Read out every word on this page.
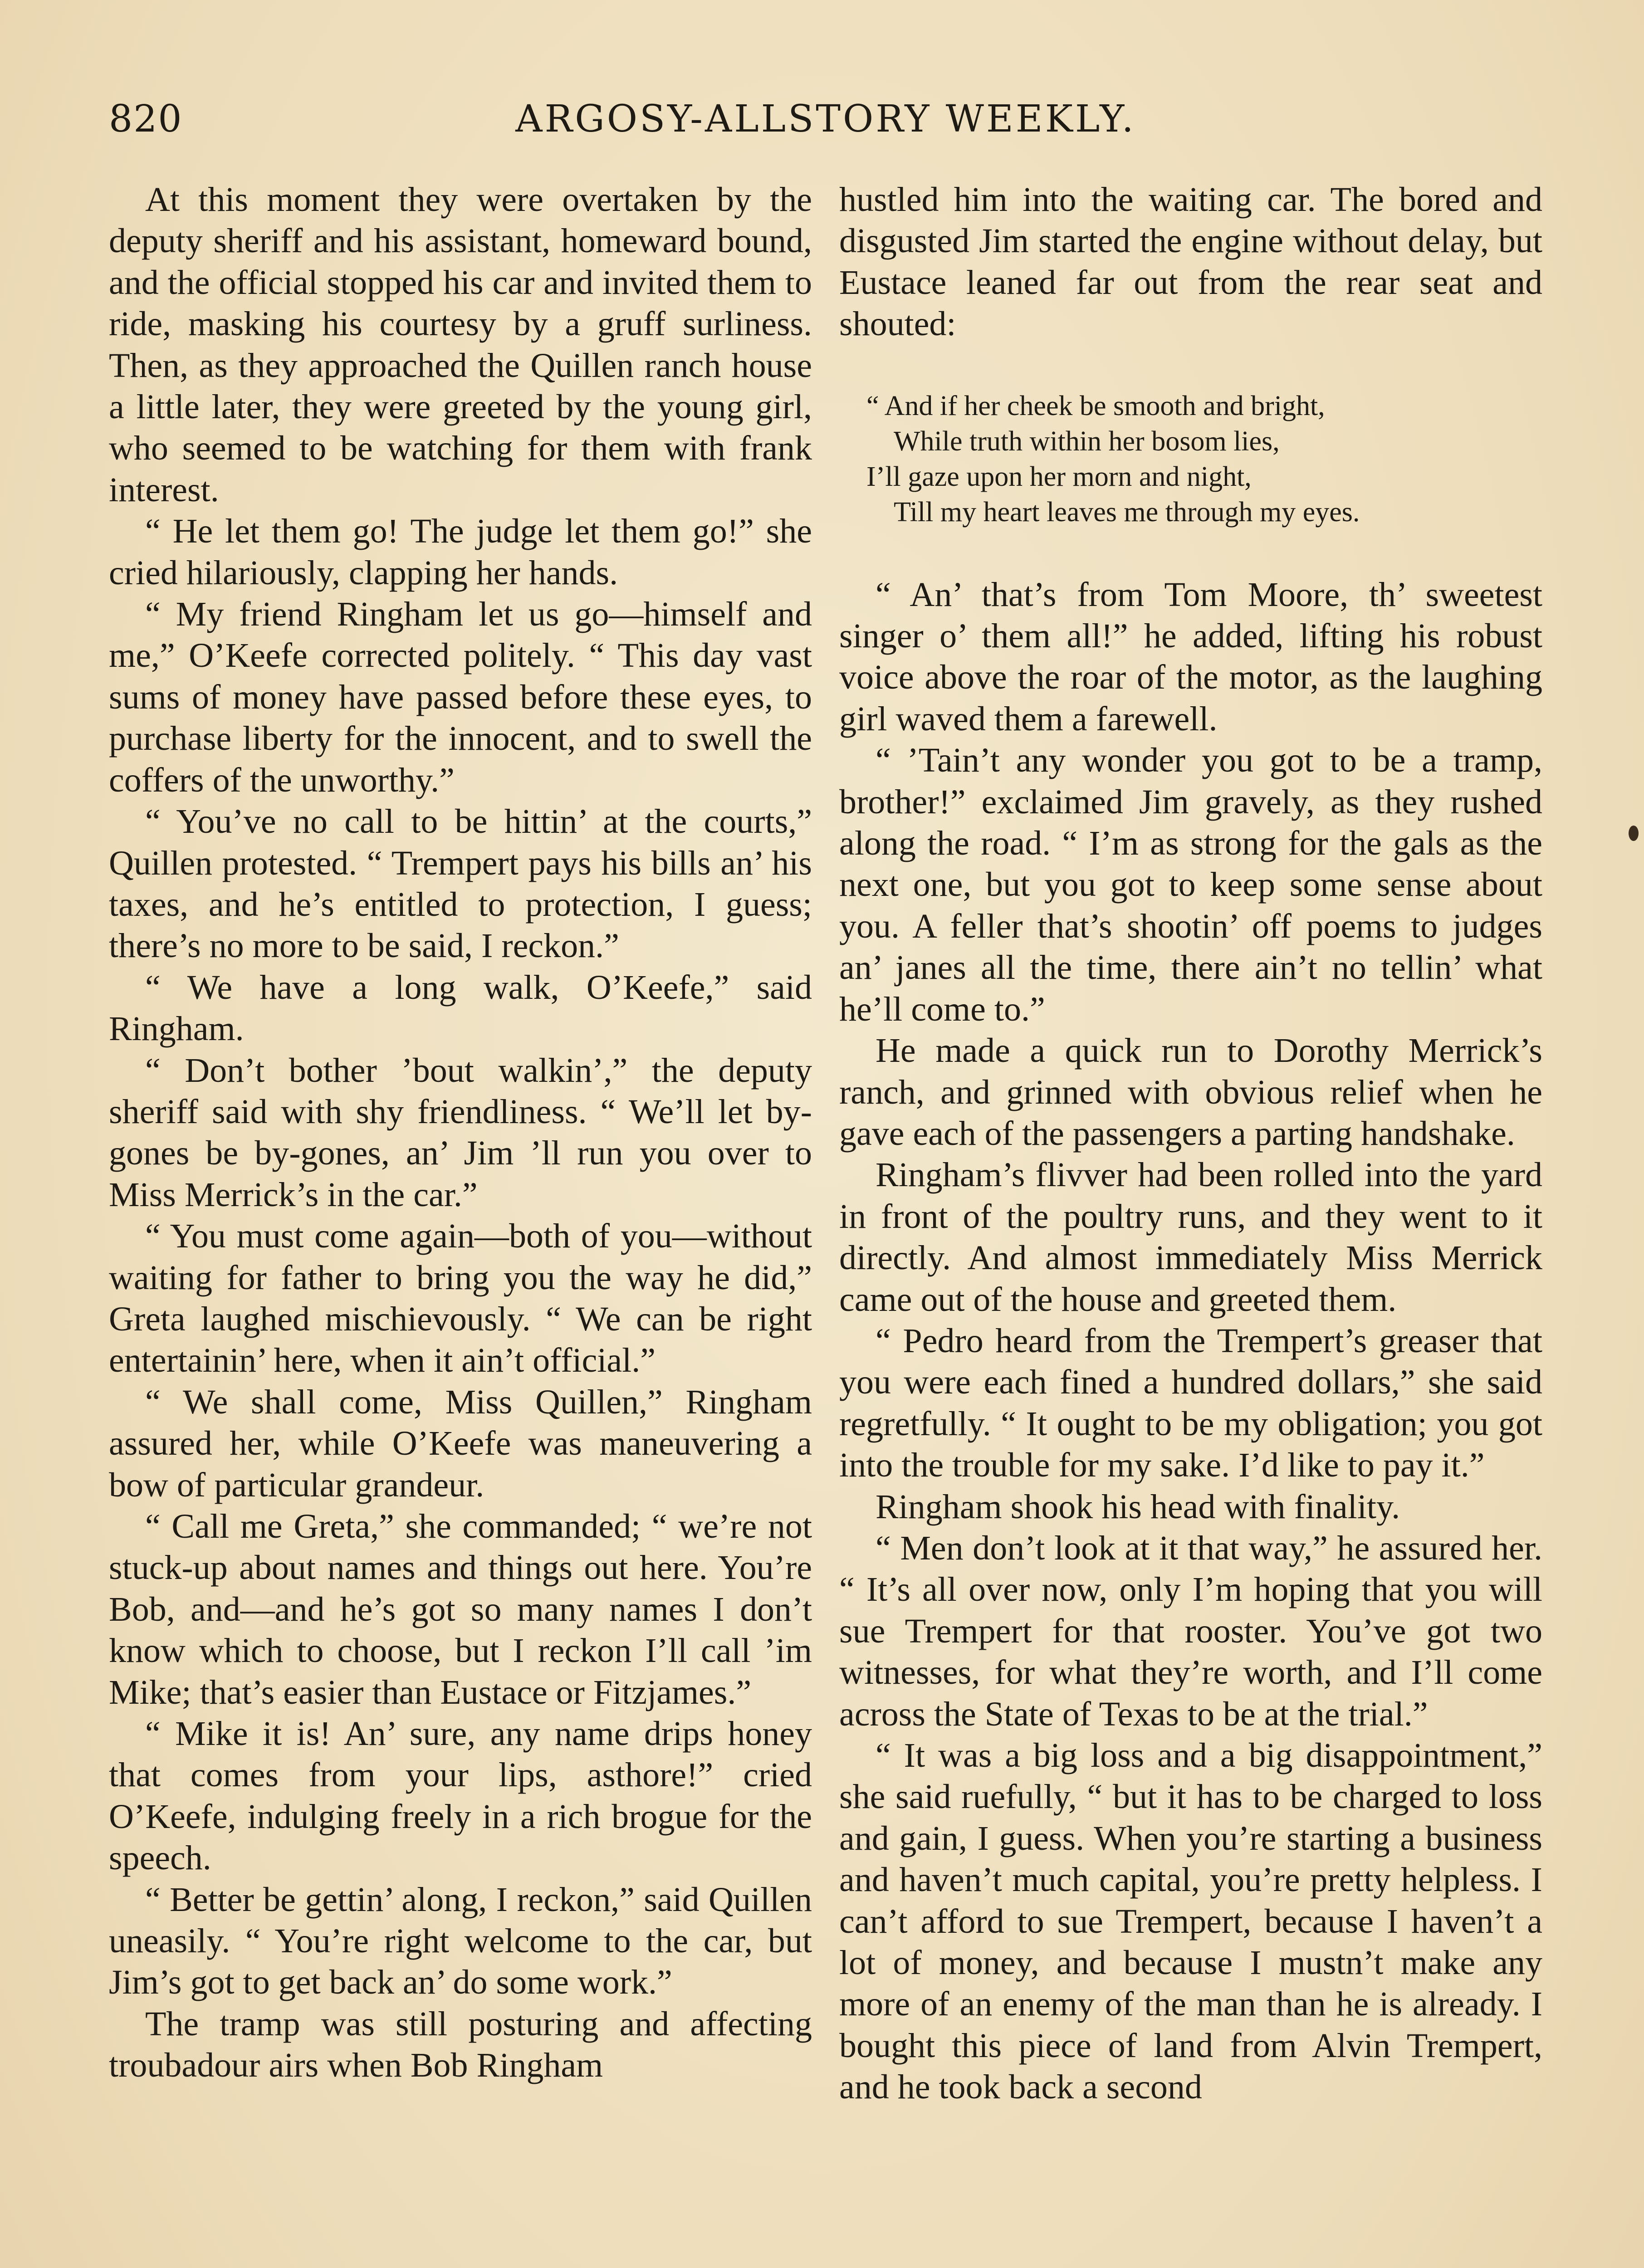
820	ARGOSY-ALLSTORY WEEKLY.

At this moment they were overtaken by the deputy sheriff and his assistant, homeward bound, and the official stopped his car and invited them to ride, masking his courtesy by a gruff surliness. Then, as they approached the Quillen ranch house a little later, they were greeted by the young girl, who seemed to be watching for them with frank interest.

“ He let them go! The judge let them go!” she cried hilariously, clapping her hands.

“ My friend Ringham let us go—himself and me,” O’Keefe corrected politely. “ This day vast sums of money have passed before these eyes, to purchase liberty for the innocent, and to swell the coffers of the unworthy.”

“ You’ve no call to be hittin’ at the courts,” Quillen protested. “ Trempert pays his bills an’ his taxes, and he’s entitled to protection, I guess; there’s no more to be said, I reckon.”

“ We have a long walk, O’Keefe,” said Ringham.

“ Don’t bother ’bout walkin’,” the deputy sheriff said with shy friendliness. “ We’ll let by-gones be by-gones, an’ Jim ’ll run you over to Miss Merrick’s in the car.”

“ You must come again—both of you—without waiting for father to bring you the way he did,” Greta laughed mischievously. “ We can be right entertainin’ here, when it ain’t official.”

“ We shall come, Miss Quillen,” Ringham assured her, while O’Keefe was maneuvering a bow of particular grandeur.

“ Call me Greta,” she commanded; “ we’re not stuck-up about names and things out here. You’re Bob, and—and he’s got so many names I don’t know which to choose, but I reckon I’ll call ’im Mike; that’s easier than Eustace or Fitzjames.”

“ Mike it is! An’ sure, any name drips honey that comes from your lips, asthore!” cried O’Keefe, indulging freely in a rich brogue for the speech.

“ Better be gettin’ along, I reckon,” said Quillen uneasily. “ You’re right welcome to the car, but Jim’s got to get back an’ do some work.”

The tramp was still posturing and affecting troubadour airs when Bob Ringham

hustled him into the waiting car. The bored and disgusted Jim started the engine without delay, but Eustace leaned far out from the rear seat and shouted:

“ And if her cheek be smooth and bright,
While truth within her bosom lies,
I’ll gaze upon her morn and night,
Till my heart leaves me through my eyes.

“ An’ that’s from Tom Moore, th’ sweetest singer o’ them all!” he added, lifting his robust voice above the roar of the motor, as the laughing girl waved them a farewell.

“ ’Tain’t any wonder you got to be a tramp, brother!” exclaimed Jim gravely, as they rushed along the road. “ I’m as strong for the gals as the next one, but you got to keep some sense about you. A feller that’s shootin’ off poems to judges an’ janes all the time, there ain’t no tellin’ what he’ll come to.”

He made a quick run to Dorothy Merrick’s ranch, and grinned with obvious relief when he gave each of the passengers a parting handshake.

Ringham’s flivver had been rolled into the yard in front of the poultry runs, and they went to it directly. And almost immediately Miss Merrick came out of the house and greeted them.

“ Pedro heard from the Trempert’s greaser that you were each fined a hundred dollars,” she said regretfully. “ It ought to be my obligation; you got into the trouble for my sake. I’d like to pay it.”

Ringham shook his head with finality.

“ Men don’t look at it that way,” he assured her. “ It’s all over now, only I’m hoping that you will sue Trempert for that rooster. You’ve got two witnesses, for what they’re worth, and I’ll come across the State of Texas to be at the trial.”

“ It was a big loss and a big disappointment,” she said ruefully, “ but it has to be charged to loss and gain, I guess. When you’re starting a business and haven’t much capital, you’re pretty helpless. I can’t afford to sue Trempert, because I haven’t a lot of money, and because I mustn’t make any more of an enemy of the man than he is already. I bought this piece of land from Alvin Trempert, and he took back a second
